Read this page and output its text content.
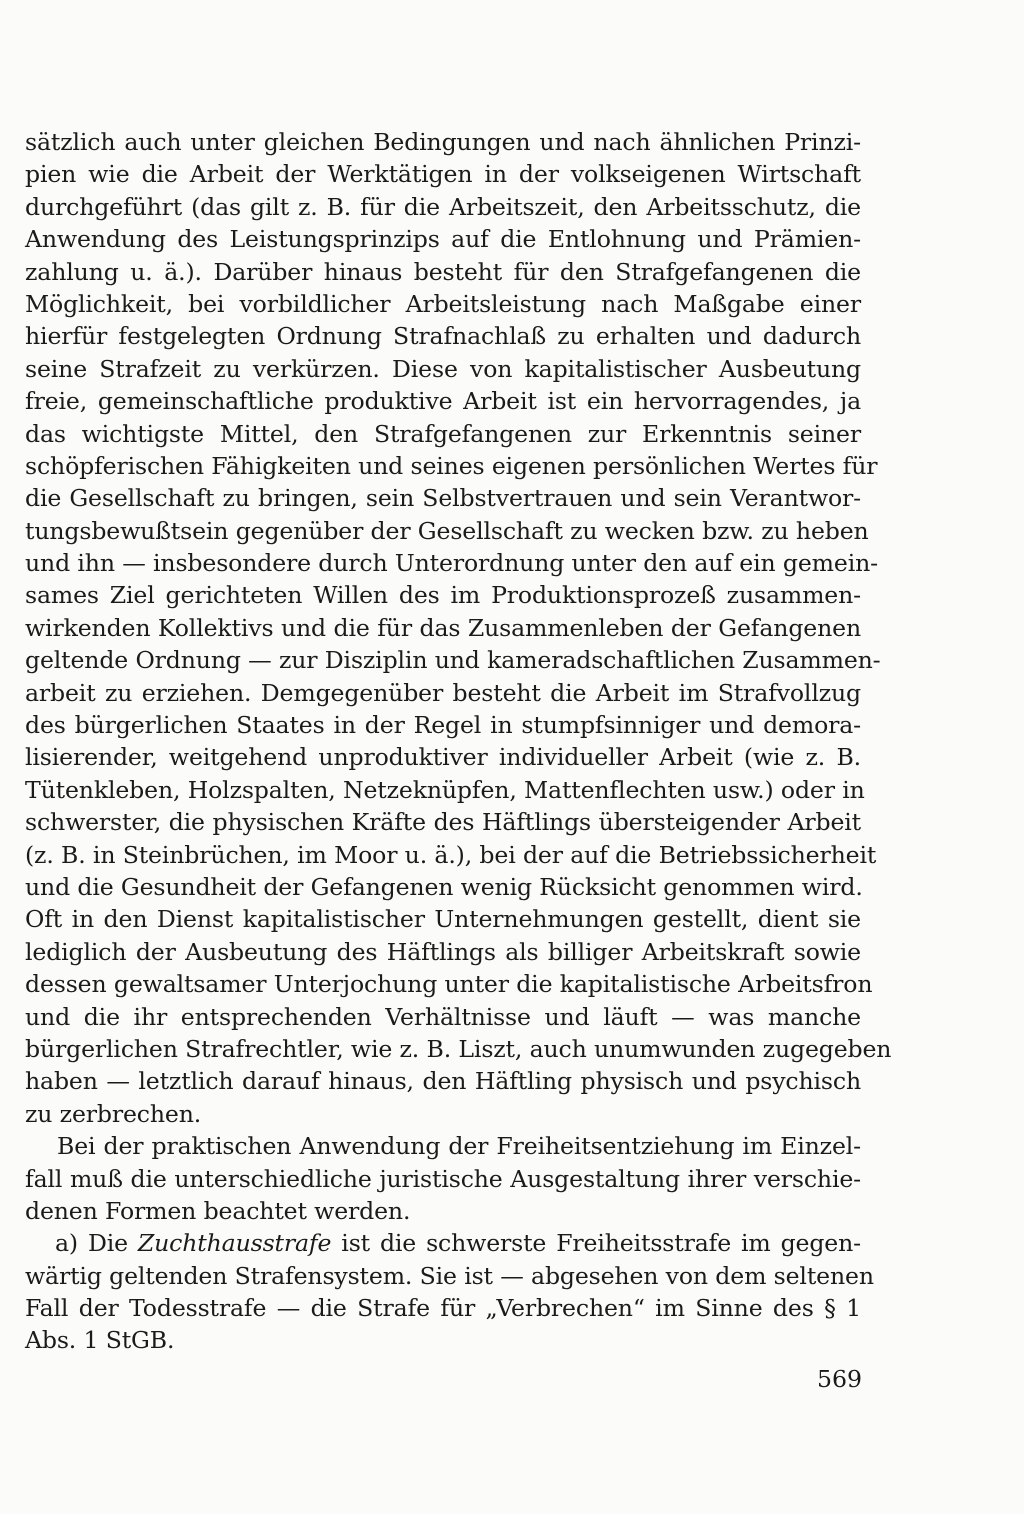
sätzlich auch unter gleichen Bedingungen und nach ähnlichen Prinzi-
pien wie die Arbeit der Werktätigen in der volkseigenen Wirtschaft
durchgeführt (das gilt z. B. für die Arbeitszeit, den Arbeitsschutz, die
Anwendung des Leistungsprinzips auf die Entlohnung und Prämien-
zahlung u. ä.). Darüber hinaus besteht für den Strafgefangenen die
Möglichkeit, bei vorbildlicher Arbeitsleistung nach Maßgabe einer
hierfür festgelegten Ordnung Strafnachlaß zu erhalten und dadurch
seine Strafzeit zu verkürzen. Diese von kapitalistischer Ausbeutung
freie, gemeinschaftliche produktive Arbeit ist ein hervorragendes, ja
das wichtigste Mittel, den Strafgefangenen zur Erkenntnis seiner
schöpferischen Fähigkeiten und seines eigenen persönlichen Wertes für
die Gesellschaft zu bringen, sein Selbstvertrauen und sein Verantwor-
tungsbewußtsein gegenüber der Gesellschaft zu wecken bzw. zu heben
und ihn — insbesondere durch Unterordnung unter den auf ein gemein-
sames Ziel gerichteten Willen des im Produktionsprozeß zusammen-
wirkenden Kollektivs und die für das Zusammenleben der Gefangenen
geltende Ordnung — zur Disziplin und kameradschaftlichen Zusammen-
arbeit zu erziehen. Demgegenüber besteht die Arbeit im Strafvollzug
des bürgerlichen Staates in der Regel in stumpfsinniger und demora-
lisierender, weitgehend unproduktiver individueller Arbeit (wie z. B.
Tütenkleben, Holzspalten, Netzeknüpfen, Mattenflechten usw.) oder in
schwerster, die physischen Kräfte des Häftlings übersteigender Arbeit
(z. B. in Steinbrüchen, im Moor u. ä.), bei der auf die Betriebssicherheit
und die Gesundheit der Gefangenen wenig Rücksicht genommen wird.
Oft in den Dienst kapitalistischer Unternehmungen gestellt, dient sie
lediglich der Ausbeutung des Häftlings als billiger Arbeitskraft sowie
dessen gewaltsamer Unterjochung unter die kapitalistische Arbeitsfron
und die ihr entsprechenden Verhältnisse und läuft — was manche
bürgerlichen Strafrechtler, wie z. B. Liszt, auch unumwunden zugegeben
haben — letztlich darauf hinaus, den Häftling physisch und psychisch
zu zerbrechen.
Bei der praktischen Anwendung der Freiheitsentziehung im Einzel-
fall muß die unterschiedliche juristische Ausgestaltung ihrer verschie-
denen Formen beachtet werden.
a) Die Zuchthausstrafe ist die schwerste Freiheitsstrafe im gegen-
wärtig geltenden Strafensystem. Sie ist — abgesehen von dem seltenen
Fall der Todesstrafe — die Strafe für „Verbrechen“ im Sinne des § 1
Abs. 1 StGB.
569
